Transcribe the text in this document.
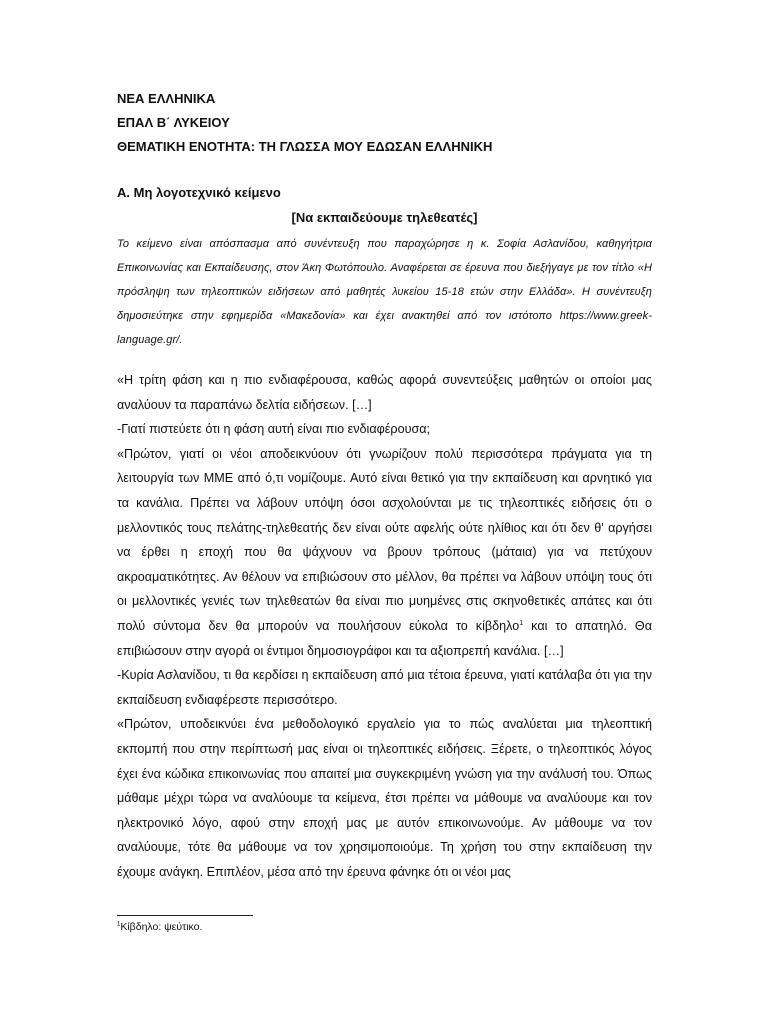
ΝΕΑ ΕΛΛΗΝΙΚΑ

ΕΠΑΛ Β΄ ΛΥΚΕΙΟΥ

ΘΕΜΑΤΙΚΗ ΕΝΟΤΗΤΑ: ΤΗ ΓΛΩΣΣΑ ΜΟΥ ΕΔΩΣΑΝ ΕΛΛΗΝΙΚΗ

Α. Μη λογοτεχνικό κείμενο

[Να εκπαιδεύουμε τηλεθεατές]

Το κείμενο είναι απόσπασμα από συνέντευξη που παραχώρησε η κ. Σοφία Ασλανίδου, καθηγήτρια Επικοινωνίας και Εκπαίδευσης, στον Άκη Φωτόπουλο. Αναφέρεται σε έρευνα που διεξήγαγε με τον τίτλο «Η πρόσληψη των τηλεοπτικών ειδήσεων από μαθητές λυκείου 15-18 ετών στην Ελλάδα». Η συνέντευξη δημοσιεύτηκε στην εφημερίδα «Μακεδονία» και έχει ανακτηθεί από τον ιστότοπο https://www.greek-language.gr/.

«Η τρίτη φάση και η πιο ενδιαφέρουσα, καθώς αφορά συνεντεύξεις μαθητών οι οποίοι μας αναλύουν τα παραπάνω δελτία ειδήσεων. […]

-Γιατί πιστεύετε ότι η φάση αυτή είναι πιο ενδιαφέρουσα;

«Πρώτον, γιατί οι νέοι αποδεικνύουν ότι γνωρίζουν πολύ περισσότερα πράγματα για τη λειτουργία των ΜΜΕ από ό,τι νομίζουμε. Αυτό είναι θετικό για την εκπαίδευση και αρνητικό για τα κανάλια. Πρέπει να λάβουν υπόψη όσοι ασχολούνται με τις τηλεοπτικές ειδήσεις ότι ο μελλοντικός τους πελάτης-τηλεθεατής δεν είναι ούτε αφελής ούτε ηλίθιος και ότι δεν θ' αργήσει να έρθει η εποχή που θα ψάχνουν να βρουν τρόπους (μάταια) για να πετύχουν ακροαματικότητες. Αν θέλουν να επιβιώσουν στο μέλλον, θα πρέπει να λάβουν υπόψη τους ότι οι μελλοντικές γενιές των τηλεθεατών θα είναι πιο μυημένες στις σκηνοθετικές απάτες και ότι πολύ σύντομα δεν θα μπορούν να πουλήσουν εύκολα το κίβδηλο$^1$ και το απατηλό. Θα επιβιώσουν στην αγορά οι έντιμοι δημοσιογράφοι και τα αξιοπρεπή κανάλια. […]

-Κυρία Ασλανίδου, τι θα κερδίσει η εκπαίδευση από μια τέτοια έρευνα, γιατί κατάλαβα ότι για την εκπαίδευση ενδιαφέρεστε περισσότερο.

«Πρώτον, υποδεικνύει ένα μεθοδολογικό εργαλείο για το πώς αναλύεται μια τηλεοπτική εκπομπή που στην περίπτωσή μας είναι οι τηλεοπτικές ειδήσεις. Ξέρετε, ο τηλεοπτικός λόγος έχει ένα κώδικα επικοινωνίας που απαιτεί μια συγκεκριμένη γνώση για την ανάλυσή του. Όπως μάθαμε μέχρι τώρα να αναλύουμε τα κείμενα, έτσι πρέπει να μάθουμε να αναλύουμε και τον ηλεκτρονικό λόγο, αφού στην εποχή μας με αυτόν επικοινωνούμε. Αν μάθουμε να τον αναλύουμε, τότε θα μάθουμε να τον χρησιμοποιούμε. Τη χρήση του στην εκπαίδευση την έχουμε ανάγκη. Επιπλέον, μέσα από την έρευνα φάνηκε ότι οι νέοι μας

$^1$Κίβδηλο: ψεύτικο.
